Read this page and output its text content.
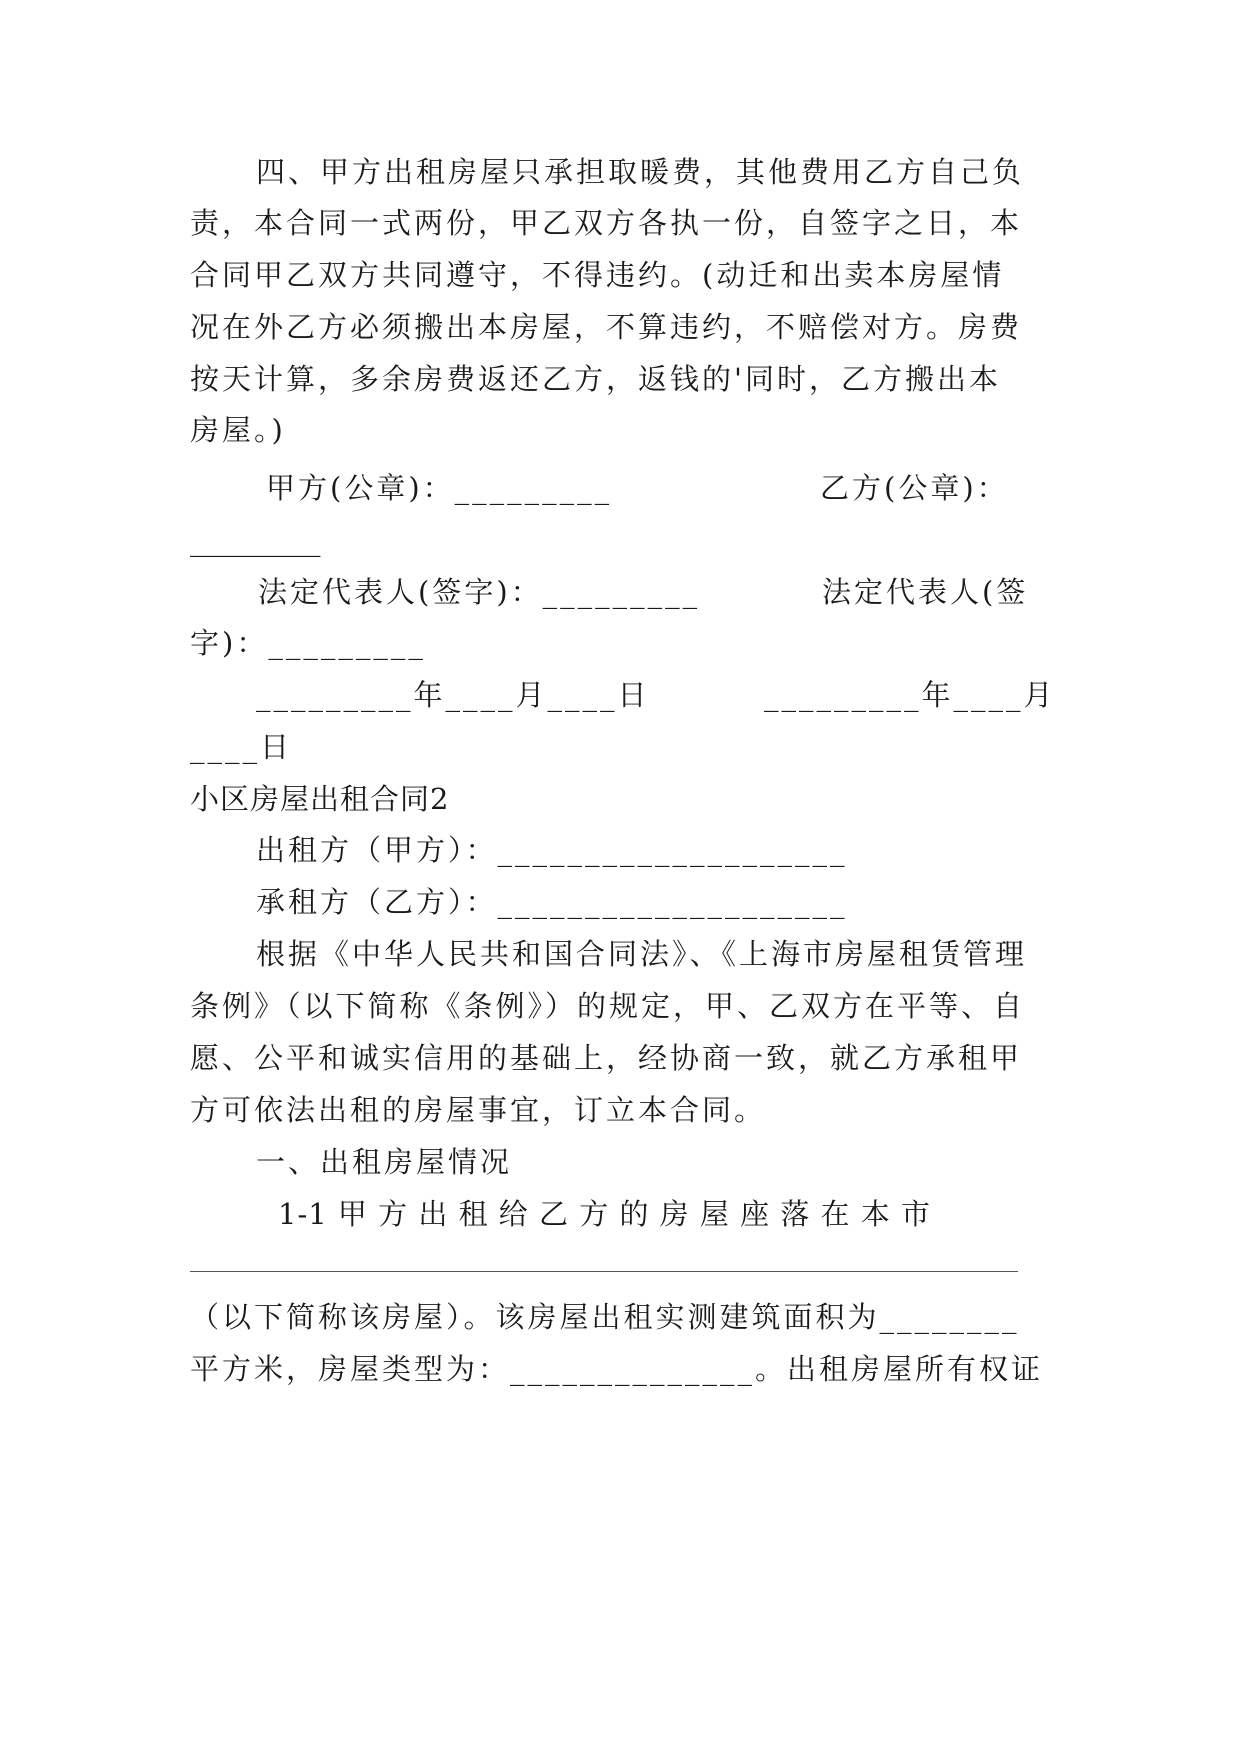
四、甲方出租房屋只承担取暖费，其他费用乙方自己负
责，本合同一式两份，甲乙双方各执一份，自签字之日，本
合同甲乙双方共同遵守，不得违约。(动迁和出卖本房屋情
况在外乙方必须搬出本房屋，不算违约，不赔偿对方。房费
按天计算，多余房费返还乙方，返钱的'同时，乙方搬出本
房屋。)
甲方(公章)：_________	乙方(公章)：
_________
法定代表人(签字)：_________	法定代表人(签
字)：_________
_________年____月____日	_________年____月
____日
小区房屋出租合同2
出租方（甲方）：____________________
承租方（乙方）：____________________
根据《中华人民共和国合同法》、《上海市房屋租赁管理
条例》（以下简称《条例》）的规定，甲、乙双方在平等、自
愿、公平和诚实信用的基础上，经协商一致，就乙方承租甲
方可依法出租的房屋事宜，订立本合同。
一、出租房屋情况
1-1 甲 方 出 租 给 乙 方 的 房 屋 座 落 在 本 市
（以下简称该房屋）。该房屋出租实测建筑面积为________
平方米，房屋类型为：______________。出租房屋所有权证
